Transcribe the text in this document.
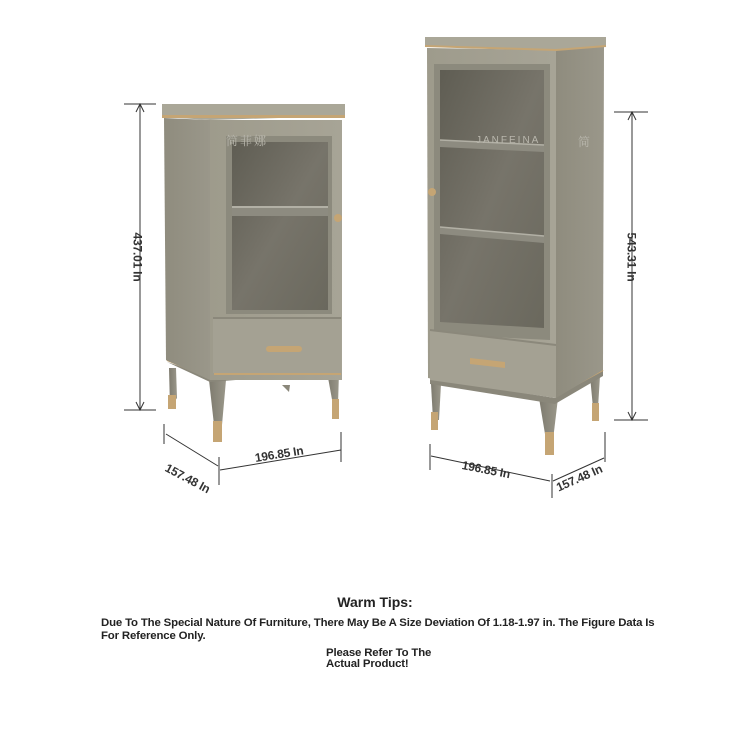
简菲娜	JANFEINA	简
437.01 In
157.48 In
196.85 In
543.31 In
196.85 In	157.48 In
Warm Tips:
Due To The Special Nature Of Furniture, There May Be A Size Deviation Of 1.18-1.97 in. The Figure Data Is For Reference Only.
Please Refer To The Actual Product!
